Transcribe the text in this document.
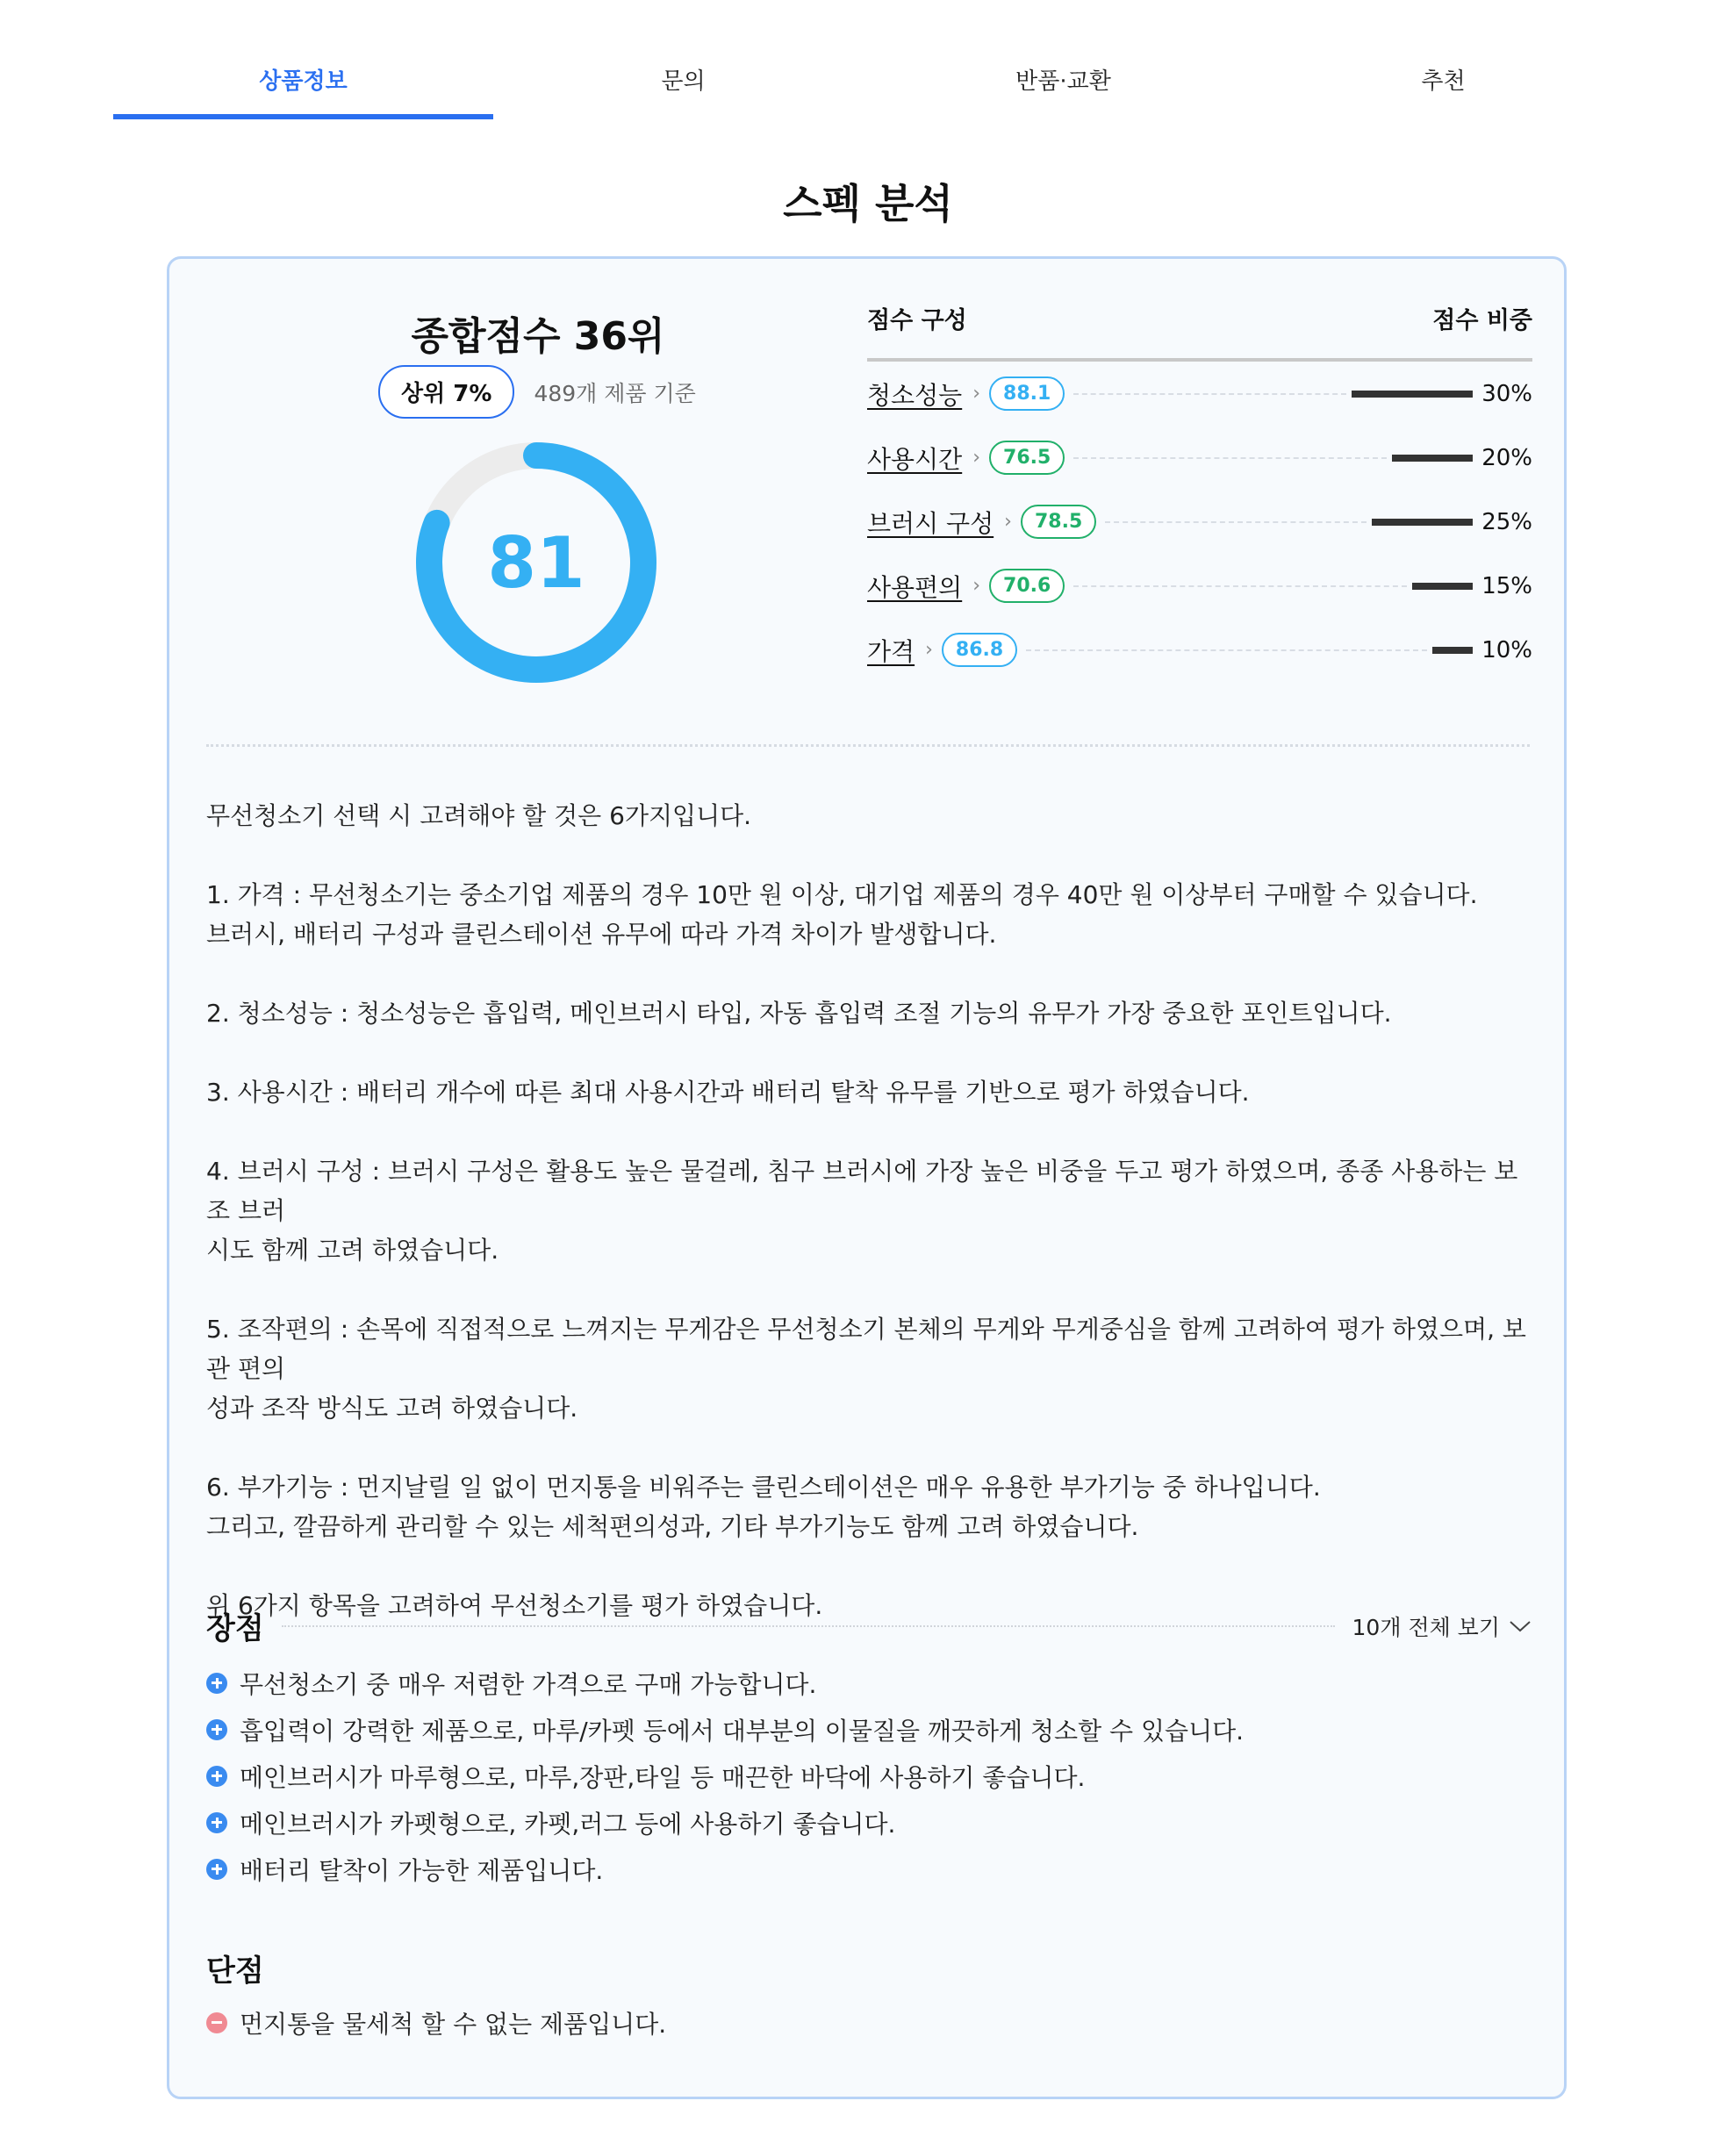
상품정보	문의	반품·교환	추천
스펙 분석
종합점수 36위
상위 7%	489개 제품 기준
81
점수 구성	점수 비중
청소성능 ›	88.1	30%
사용시간 ›	76.5	20%
브러시 구성 ›	78.5	25%
사용편의 ›	70.6	15%
가격 ›	86.8	10%

무선청소기 선택 시 고려해야 할 것은 6가지입니다.

1. 가격 : 무선청소기는 중소기업 제품의 경우 10만 원 이상, 대기업 제품의 경우 40만 원 이상부터 구매할 수 있습니다.
브러시, 배터리 구성과 클린스테이션 유무에 따라 가격 차이가 발생합니다.

2. 청소성능 : 청소성능은 흡입력, 메인브러시 타입, 자동 흡입력 조절 기능의 유무가 가장 중요한 포인트입니다.

3. 사용시간 : 배터리 개수에 따른 최대 사용시간과 배터리 탈착 유무를 기반으로 평가 하였습니다.

4. 브러시 구성 : 브러시 구성은 활용도 높은 물걸레, 침구 브러시에 가장 높은 비중을 두고 평가 하였으며, 종종 사용하는 보조 브러
시도 함께 고려 하였습니다.

5. 조작편의 : 손목에 직접적으로 느껴지는 무게감은 무선청소기 본체의 무게와 무게중심을 함께 고려하여 평가 하였으며, 보관 편의
성과 조작 방식도 고려 하였습니다.

6. 부가기능 : 먼지날릴 일 없이 먼지통을 비워주는 클린스테이션은 매우 유용한 부가기능 중 하나입니다.
그리고, 깔끔하게 관리할 수 있는 세척편의성과, 기타 부가기능도 함께 고려 하였습니다.

위 6가지 항목을 고려하여 무선청소기를 평가 하였습니다.

장점	10개 전체 보기
무선청소기 중 매우 저렴한 가격으로 구매 가능합니다.
흡입력이 강력한 제품으로, 마루/카펫 등에서 대부분의 이물질을 깨끗하게 청소할 수 있습니다.
메인브러시가 마루형으로, 마루,장판,타일 등 매끈한 바닥에 사용하기 좋습니다.
메인브러시가 카펫형으로, 카펫,러그 등에 사용하기 좋습니다.
배터리 탈착이 가능한 제품입니다.
단점
먼지통을 물세척 할 수 없는 제품입니다.
